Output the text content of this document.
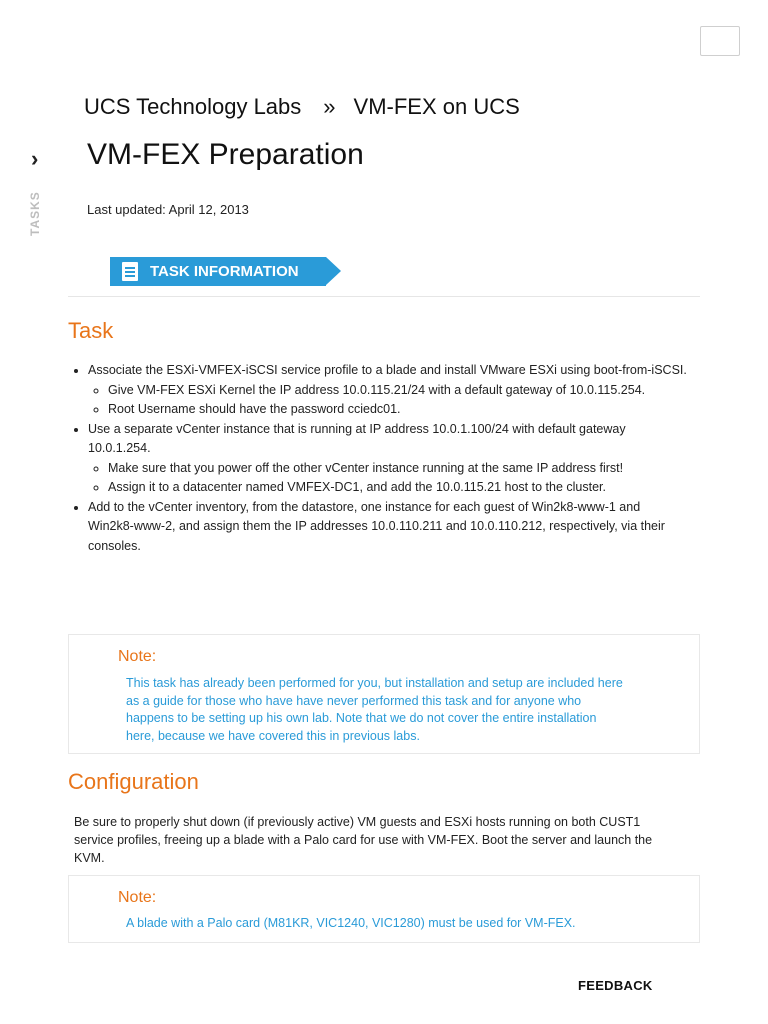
UCS Technology Labs » VM-FEX on UCS
›
TASKS
VM-FEX Preparation
Last updated: April 12, 2013
TASK INFORMATION
Task
• Associate the ESXi-VMFEX-iSCSI service profile to a blade and install VMware ESXi using boot-from-iSCSI.
◦ Give VM-FEX ESXi Kernel the IP address 10.0.115.21/24 with a default gateway of 10.0.115.254.
◦ Root Username should have the password cciedc01.
• Use a separate vCenter instance that is running at IP address 10.0.1.100/24 with default gateway 10.0.1.254.
◦ Make sure that you power off the other vCenter instance running at the same IP address first!
◦ Assign it to a datacenter named VMFEX-DC1, and add the 10.0.115.21 host to the cluster.
• Add to the vCenter inventory, from the datastore, one instance for each guest of Win2k8-www-1 and Win2k8-www-2, and assign them the IP addresses 10.0.110.211 and 10.0.110.212, respectively, via their consoles.
Note:
This task has already been performed for you, but installation and setup are included here as a guide for those who have have never performed this task and for anyone who happens to be setting up his own lab. Note that we do not cover the entire installation here, because we have covered this in previous labs.
Configuration
Be sure to properly shut down (if previously active) VM guests and ESXi hosts running on both CUST1 service profiles, freeing up a blade with a Palo card for use with VM-FEX. Boot the server and launch the KVM.
Note:
A blade with a Palo card (M81KR, VIC1240, VIC1280) must be used for VM-FEX.
FEEDBACK
